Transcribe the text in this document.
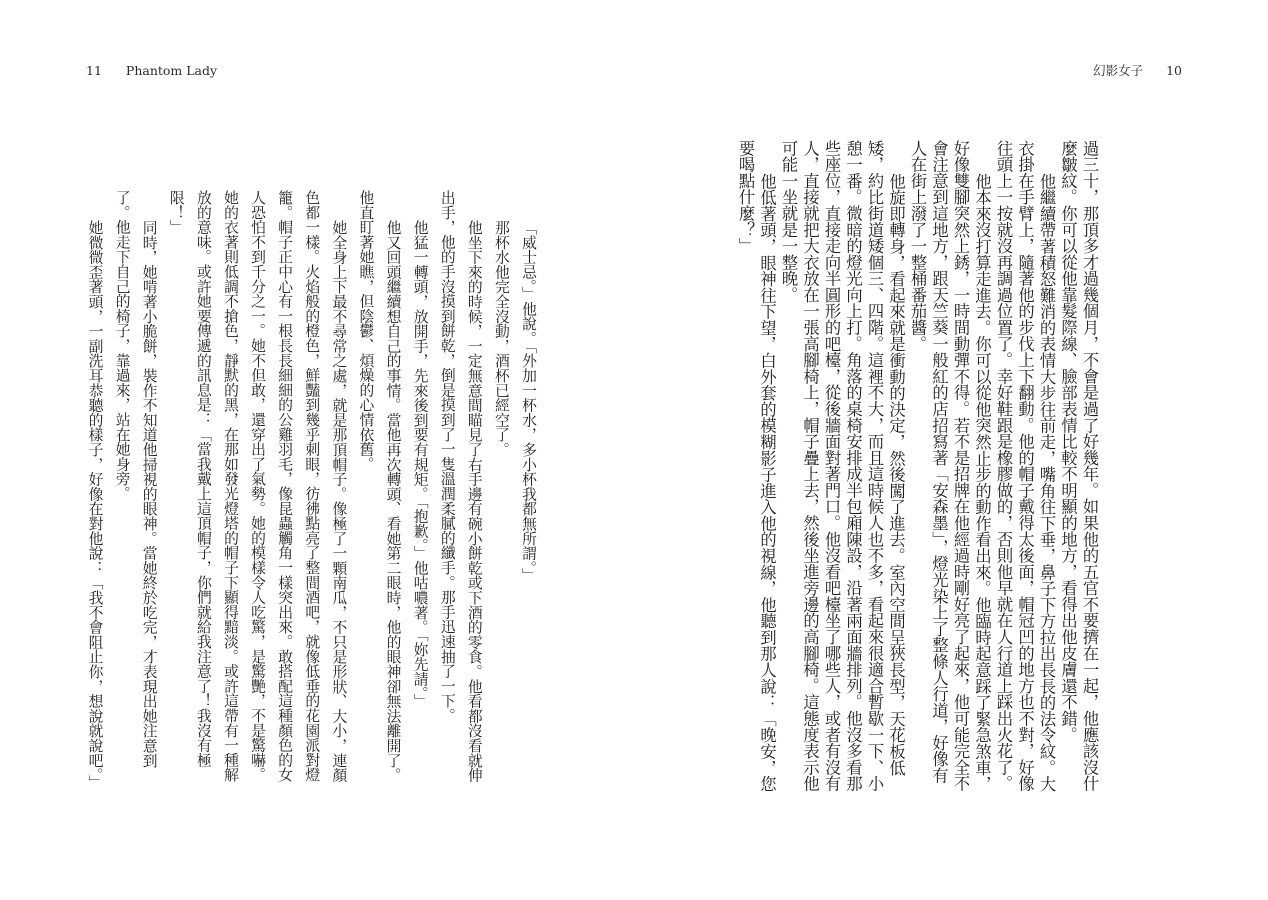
11 Phantom Lady
「威士忌。」他說。「外加一杯水，多小杯我都無所謂。」
那杯水他完全沒動，酒杯已經空了。
他坐下來的時候，一定無意間瞄見了右手邊有碗小餅乾或下酒的零食。他看都沒看就伸
出手，他的手沒摸到餅乾，倒是摸到了一隻溫潤柔膩的纖手。那手迅速抽了一下。
他猛一轉頭，放開手，先來後到要有規矩。「抱歉。」他咕噥著。「妳先請。」
他又回頭繼續想自己的事情。當他再次轉頭、看她第二眼時，他的眼神卻無法離開了。
他直盯著她瞧，但陰鬱、煩燥的心情依舊。
她全身上下最不尋常之處，就是那頂帽子。像極了一顆南瓜，不只是形狀、大小，連顏
色都一樣。火焰般的橙色，鮮豔到幾乎刺眼，彷彿點亮了整間酒吧，就像低垂的花園派對燈
籠。帽子正中心有一根長長細細的公雞羽毛，像昆蟲觸角一樣突出來。敢搭配這種顏色的女
人恐怕不到千分之一。她不但敢，還穿出了氣勢。她的模樣令人吃驚，是驚艷，不是驚嚇。
她的衣著則低調不搶色，靜默的黑，在那如發光燈塔的帽子下顯得黯淡。或許這帶有一種解
放的意味。或許她要傳遞的訊息是：「當我戴上這頂帽子，你們就給我注意了！我沒有極
限！」
同時，她啃著小脆餅，裝作不知道他掃視的眼神。當她終於吃完，才表現出她注意到
了。他走下自己的椅子，靠過來，站在她身旁。
她微微歪著頭，一副洗耳恭聽的樣子，好像在對他說：「我不會阻止你，想說就說吧。」
幻影女子 10
過三十，那頂多才過幾個月，不會是過了好幾年。如果他的五官不要擠在一起，他應該沒什
麼皺紋。你可以從他靠髮際線、臉部表情比較不明顯的地方，看得出他皮膚還不錯。
他繼續帶著積怒難消的表情大步往前走，嘴角往下垂，鼻子下方拉出長長的法令紋。大
衣掛在手臂上，隨著他的步伐上下翻動。他的帽子戴得太後面，帽冠凹的地方也不對，好像
往頭上一按就沒再調過位置了。幸好鞋跟是橡膠做的，否則他早就在人行道上踩出火花了。
他本來沒打算走進去。你可以從他突然止步的動作看出來。他臨時起意踩了緊急煞車，
好像雙腳突然上銹，一時間動彈不得。若不是招牌在他經過時剛好亮了起來，他可能完全不
會注意到這地方，跟天竺葵一般紅的店招寫著「安森墨」，燈光染上了整條人行道，好像有
人在街上潑了一整桶番茄醬。
他旋即轉身，看起來就是衝動的決定，然後闖了進去。室內空間呈狹長型，天花板低
矮，約比街道矮個三、四階。這裡不大，而且這時候人也不多，看起來很適合暫歇一下、小
憩一番。微暗的燈光向上打。角落的桌椅安排成半包廂陳設，沿著兩面牆排列。他沒多看那
些座位，直接走向半圓形的吧檯，從後牆面對著門口。他沒看吧檯坐了哪些人，或者有沒有
人，直接就把大衣放在一張高腳椅上，帽子疊上去，然後坐進旁邊的高腳椅。這態度表示他
可能一坐就是一整晚。
他低著頭，眼神往下望，白外套的模糊影子進入他的視線，他聽到那人說：「晚安，您
要喝點什麼？」
